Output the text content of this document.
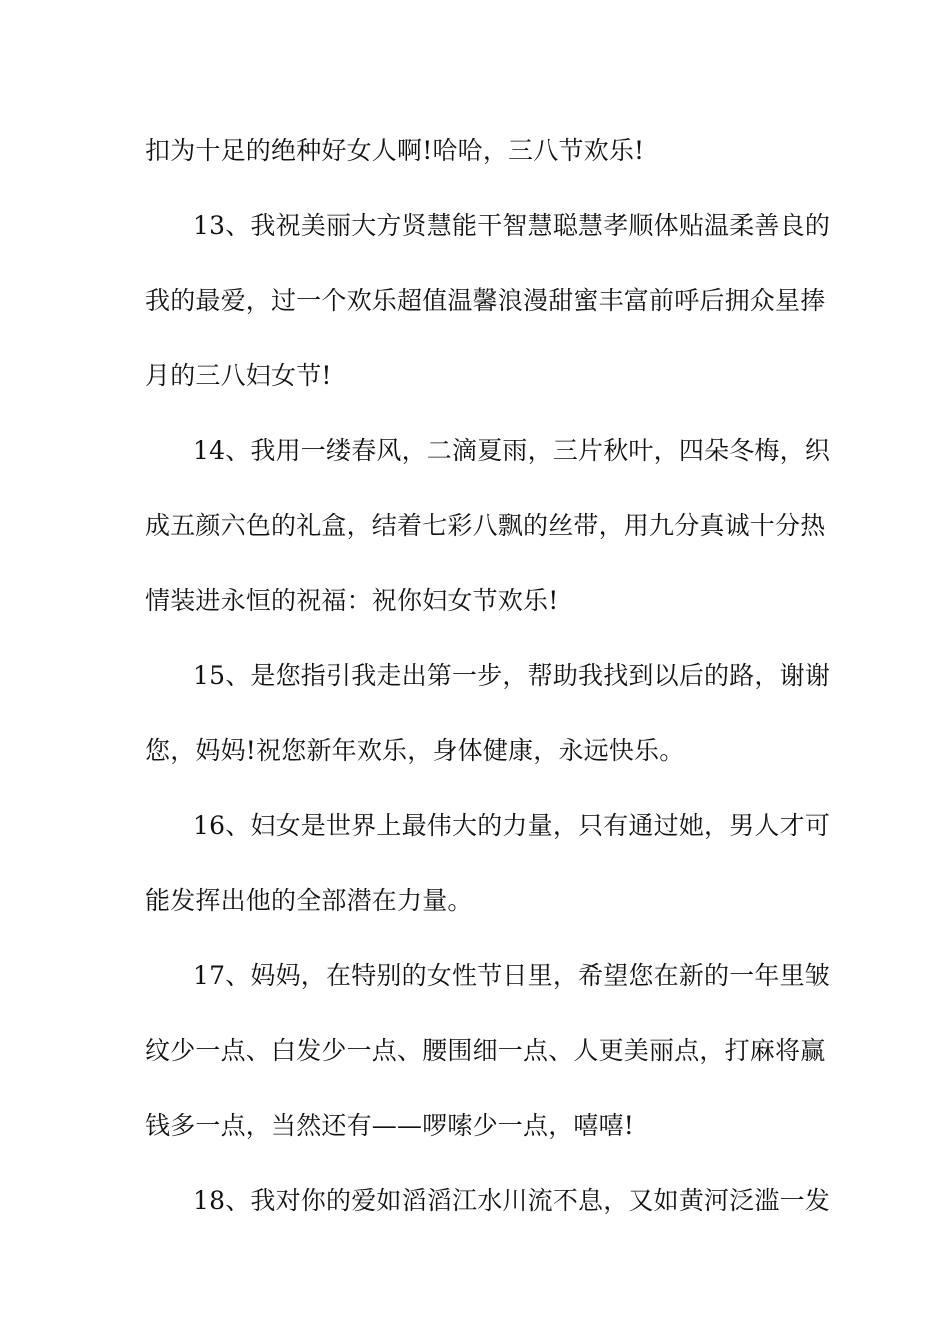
扣为十足的绝种好女人啊!哈哈，三八节欢乐!
13、我祝美丽大方贤慧能干智慧聪慧孝顺体贴温柔善良的
我的最爱，过一个欢乐超值温馨浪漫甜蜜丰富前呼后拥众星捧
月的三八妇女节!
14、我用一缕春风，二滴夏雨，三片秋叶，四朵冬梅，织
成五颜六色的礼盒，结着七彩八飘的丝带，用九分真诚十分热
情装进永恒的祝福：祝你妇女节欢乐!
15、是您指引我走出第一步，帮助我找到以后的路，谢谢
您，妈妈!祝您新年欢乐，身体健康，永远快乐。
16、妇女是世界上最伟大的力量，只有通过她，男人才可
能发挥出他的全部潜在力量。
17、妈妈，在特别的女性节日里，希望您在新的一年里皱
纹少一点、白发少一点、腰围细一点、人更美丽点，打麻将赢
钱多一点，当然还有——啰嗦少一点，嘻嘻!
18、我对你的爱如滔滔江水川流不息，又如黄河泛滥一发
